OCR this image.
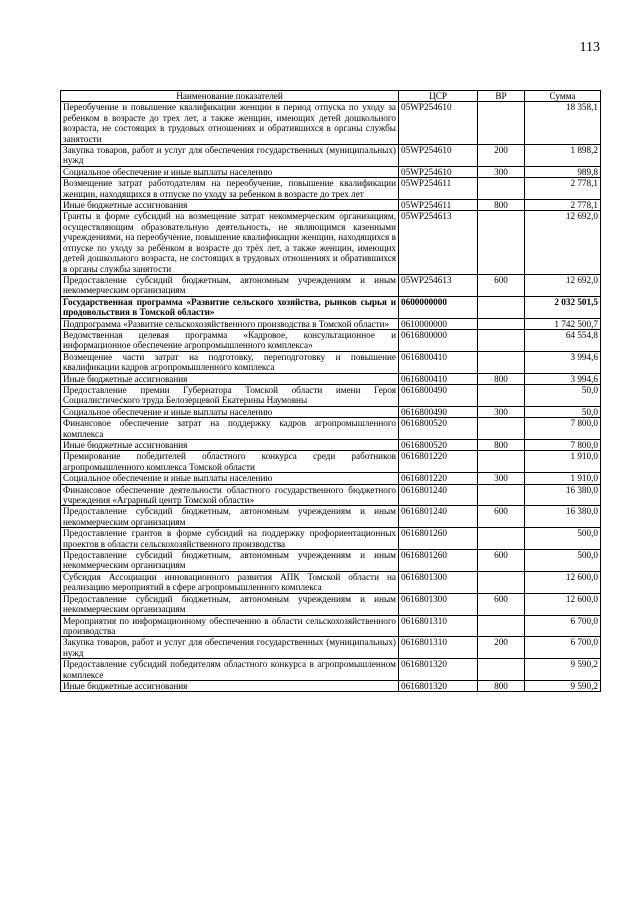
113
Наименование показателей	ЦСР	ВР	Сумма
Переобучение и повышение квалификации женщин в период отпуска по уходу за ребенком в возрасте до трех лет, а также женщин, имеющих детей дошкольного возраста, не состоящих в трудовых отношениях и обратившихся в органы службы занятости	05WP254610		18 358,1
Закупка товаров, работ и услуг для обеспечения государственных (муниципальных) нужд	05WP254610	200	1 898,2
Социальное обеспечение и иные выплаты населению	05WP254610	300	989,8
Возмещение затрат работодателям на переобучение, повышение квалификации женщин, находящихся в отпуске по уходу за ребенком в возрасте до трех лет	05WP254611		2 778,1
Иные бюджетные ассигнования	05WP254611	800	2 778,1
Гранты в форме субсидий на возмещение затрат некоммерческим организациям, осуществляющим образовательную деятельность, не являющимся казенными учреждениями, на переобучение, повышение квалификации женщин, находящихся в отпуске по уходу за ребёнком в возрасте до трёх лет, а также женщин, имеющих детей дошкольного возраста, не состоящих в трудовых отношениях и обратившихся в органы службы занятости	05WP254613		12 692,0
Предоставление субсидий бюджетным, автономным учреждениям и иным некоммерческим организациям	05WP254613	600	12 692,0
Государственная программа «Развитие сельского хозяйства, рынков сырья и продовольствия в Томской области»	0600000000		2 032 501,5
Подпрограмма «Развитие сельскохозяйственного производства в Томской области»	0610000000		1 742 500,7
Ведомственная целевая программа «Кадровое, консультационное и информационное обеспечение агропромышленного комплекса»	0616800000		64 554,8
Возмещение части затрат на подготовку, переподготовку и повышение квалификации кадров агропромышленного комплекса	0616800410		3 994,6
Иные бюджетные ассигнования	0616800410	800	3 994,6
Предоставление премии Губернатора Томской области имени Героя Социалистического труда Белозерцевой Екатерины Наумовны	0616800490		50,0
Социальное обеспечение и иные выплаты населению	0616800490	300	50,0
Финансовое обеспечение затрат на поддержку кадров агропромышленного комплекса	0616800520		7 800,0
Иные бюджетные ассигнования	0616800520	800	7 800,0
Премирование победителей областного конкурса среди работников агропромышленного комплекса Томской области	0616801220		1 910,0
Социальное обеспечение и иные выплаты населению	0616801220	300	1 910,0
Финансовое обеспечение деятельности областного государственного бюджетного учреждения «Аграрный центр Томской области»	0616801240		16 380,0
Предоставление субсидий бюджетным, автономным учреждениям и иным некоммерческим организациям	0616801240	600	16 380,0
Предоставление грантов в форме субсидий на поддержку профориентационных проектов в области сельскохозяйственного производства	0616801260		500,0
Предоставление субсидий бюджетным, автономным учреждениям и иным некоммерческим организациям	0616801260	600	500,0
Субсидия Ассоциации инновационного развития АПК Томской области на реализацию мероприятий в сфере агропромышленного комплекса	0616801300		12 600,0
Предоставление субсидий бюджетным, автономным учреждениям и иным некоммерческим организациям	0616801300	600	12 600,0
Мероприятия по информационному обеспечению в области сельскохозяйственного производства	0616801310		6 700,0
Закупка товаров, работ и услуг для обеспечения государственных (муниципальных) нужд	0616801310	200	6 700,0
Предоставление субсидий победителям областного конкурса в агропромышленном комплексе	0616801320		9 590,2
Иные бюджетные ассигнования	0616801320	800	9 590,2
